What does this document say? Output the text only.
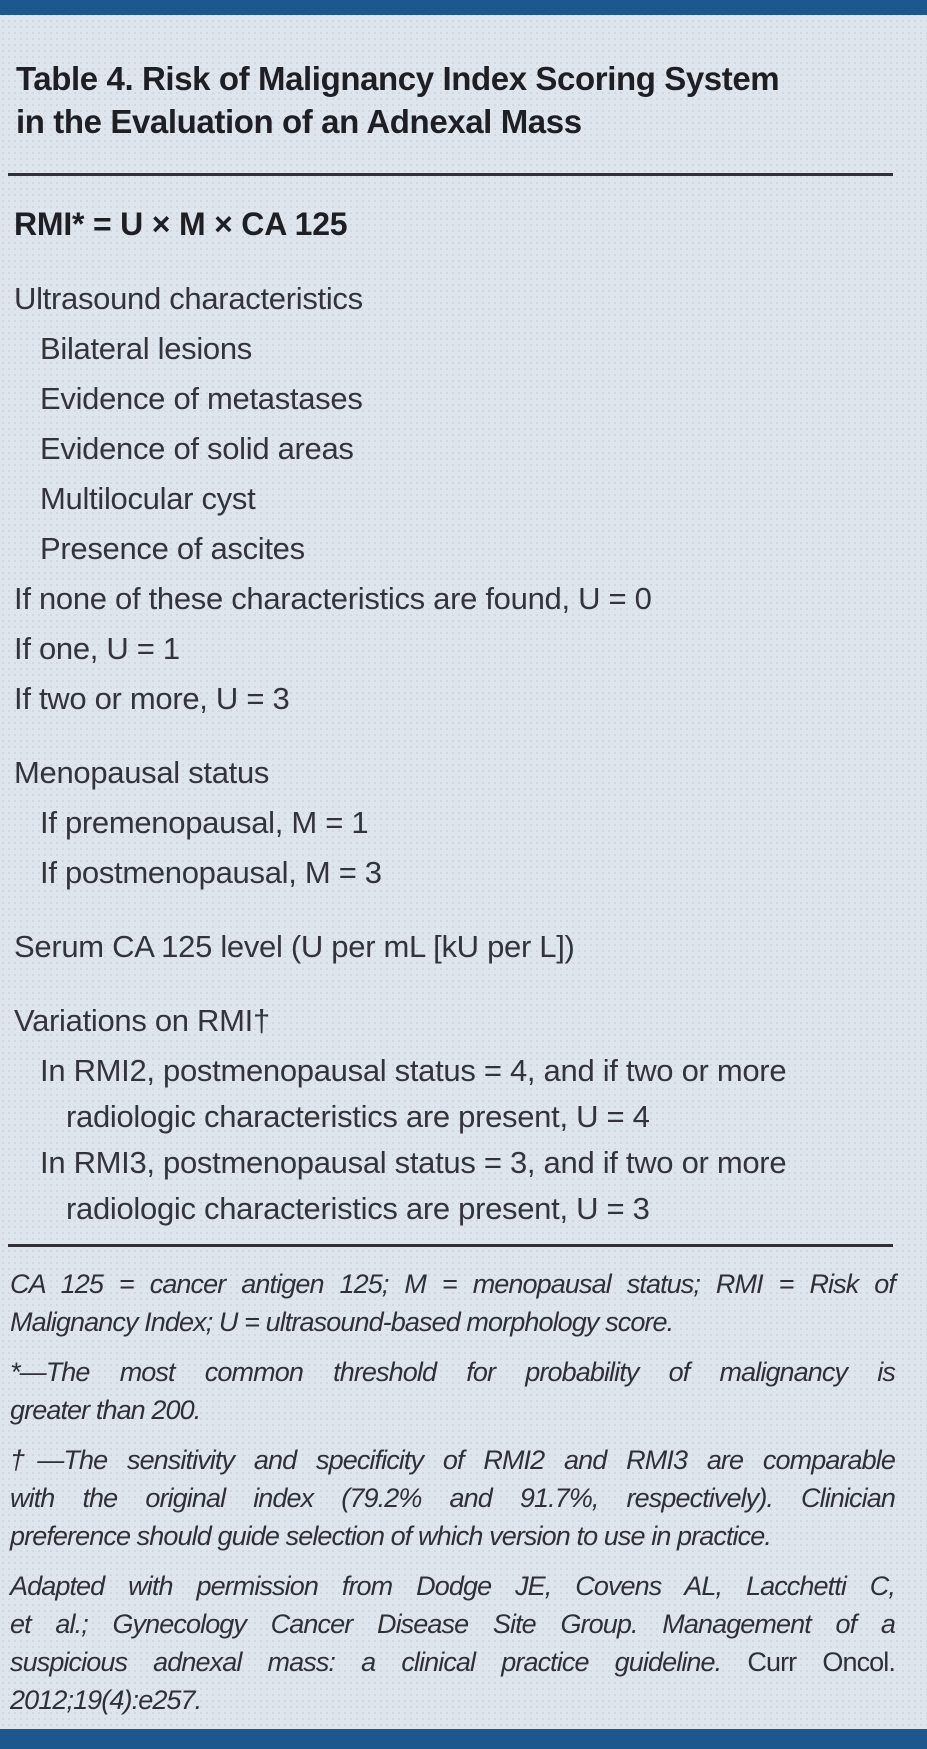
Table 4. Risk of Malignancy Index Scoring System in the Evaluation of an Adnexal Mass
RMI* = U × M × CA 125
Ultrasound characteristics
Bilateral lesions
Evidence of metastases
Evidence of solid areas
Multilocular cyst
Presence of ascites
If none of these characteristics are found, U = 0
If one, U = 1
If two or more, U = 3
Menopausal status
If premenopausal, M = 1
If postmenopausal, M = 3
Serum CA 125 level (U per mL [kU per L])
Variations on RMI†
In RMI2, postmenopausal status = 4, and if two or more
radiologic characteristics are present, U = 4
In RMI3, postmenopausal status = 3, and if two or more
radiologic characteristics are present, U = 3
CA 125 = cancer antigen 125; M = menopausal status; RMI = Risk of
Malignancy Index; U = ultrasound-based morphology score.
*—The most common threshold for probability of malignancy is
greater than 200.
†—The sensitivity and specificity of RMI2 and RMI3 are comparable
with the original index (79.2% and 91.7%, respectively). Clinician
preference should guide selection of which version to use in practice.
Adapted with permission from Dodge JE, Covens AL, Lacchetti C,
et al.; Gynecology Cancer Disease Site Group. Management of a
suspicious adnexal mass: a clinical practice guideline. Curr Oncol.
2012;19(4):e257.
